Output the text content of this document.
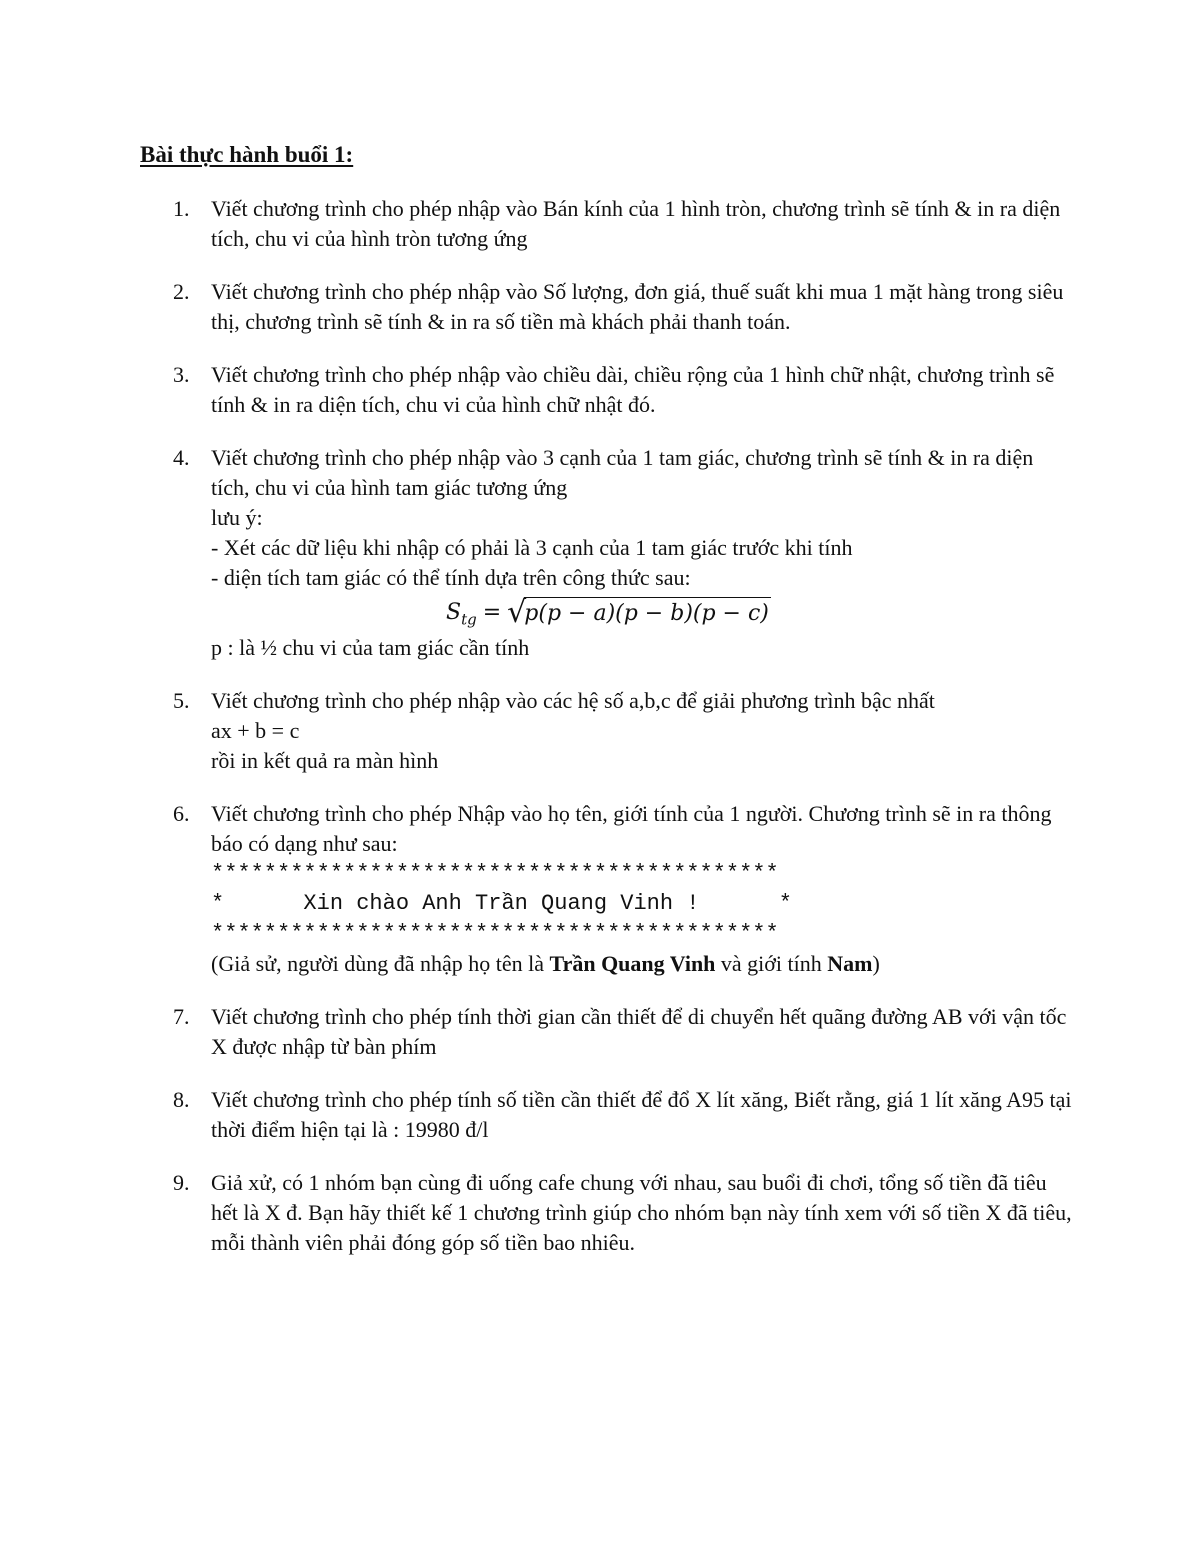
Bài thực hành buổi 1:
1. Viết chương trình cho phép nhập vào Bán kính của 1 hình tròn, chương trình sẽ tính & in ra diện tích, chu vi của hình tròn tương ứng

2. Viết chương trình cho phép nhập vào Số lượng, đơn giá, thuế suất khi mua 1 mặt hàng trong siêu thị, chương trình sẽ tính & in ra số tiền mà khách phải thanh toán.

3. Viết chương trình cho phép nhập vào chiều dài, chiều rộng của 1 hình chữ nhật, chương trình sẽ tính & in ra diện tích, chu vi của hình chữ nhật đó.

4. Viết chương trình cho phép nhập vào 3 cạnh của 1 tam giác, chương trình sẽ tính & in ra diện tích, chu vi của hình tam giác tương ứng

lưu ý:

- Xét các dữ liệu khi nhập có phải là 3 cạnh của 1 tam giác trước khi tính

- diện tích tam giác có thể tính dựa trên công thức sau:

$S_{tg} = √p(p - a)(p - b)(p - c)$

p : là ½ chu vi của tam giác cần tính

5. Viết chương trình cho phép nhập vào các hệ số a,b,c để giải phương trình bậc nhất

ax + b = c

rồi in kết quả ra màn hình

6. Viết chương trình cho phép Nhập vào họ tên, giới tính của 1 người. Chương trình sẽ in ra thông báo có dạng như sau:

*******************************************

*      Xin chào Anh Trần Quang Vinh !      *

*******************************************

(Giả sử, người dùng đã nhập họ tên là Trần Quang Vinh và giới tính Nam)

7. Viết chương trình cho phép tính thời gian cần thiết để di chuyển hết quãng đường AB với vận tốc X được nhập từ bàn phím

8. Viết chương trình cho phép tính số tiền cần thiết để đổ X lít xăng, Biết rằng, giá 1 lít xăng A95 tại thời điểm hiện tại là : 19980 đ/l

9. Giả xử, có 1 nhóm bạn cùng đi uống cafe chung với nhau, sau buổi đi chơi, tổng số tiền đã tiêu hết là X đ. Bạn hãy thiết kế 1 chương trình giúp cho nhóm bạn này tính xem với số tiền X đã tiêu, mỗi thành viên phải đóng góp số tiền bao nhiêu.
